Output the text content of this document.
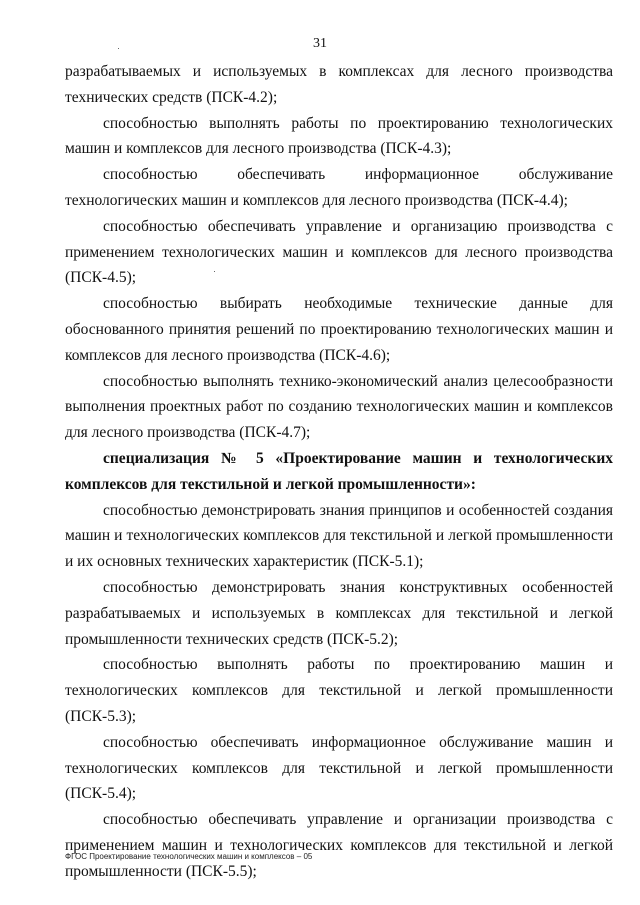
31

разрабатываемых и используемых в комплексах для лесного производства технических средств (ПСК-4.2);

способностью выполнять работы по проектированию технологических машин и комплексов для лесного производства (ПСК-4.3);

способностью обеспечивать информационное обслуживание технологических машин и комплексов для лесного производства (ПСК-4.4);

способностью обеспечивать управление и организацию производства с применением технологических машин и комплексов для лесного производства (ПСК-4.5);

способностью выбирать необходимые технические данные для обоснованного принятия решений по проектированию технологических машин и комплексов для лесного производства (ПСК-4.6);

способностью выполнять технико-экономический анализ целесообразности выполнения проектных работ по созданию технологических машин и комплексов для лесного производства (ПСК-4.7);

специализация № 5 «Проектирование машин и технологических комплексов для текстильной и легкой промышленности»:

способностью демонстрировать знания принципов и особенностей создания машин и технологических комплексов для текстильной и легкой промышленности и их основных технических характеристик (ПСК-5.1);

способностью демонстрировать знания конструктивных особенностей разрабатываемых и используемых в комплексах для текстильной и легкой промышленности технических средств (ПСК-5.2);

способностью выполнять работы по проектированию машин и технологических комплексов для текстильной и легкой промышленности (ПСК-5.3);

способностью обеспечивать информационное обслуживание машин и технологических комплексов для текстильной и легкой промышленности (ПСК-5.4);

способностью обеспечивать управление и организации производства с применением машин и технологических комплексов для текстильной и легкой промышленности (ПСК-5.5);

ФГОС Проектирование технологических машин и комплексов – 05
